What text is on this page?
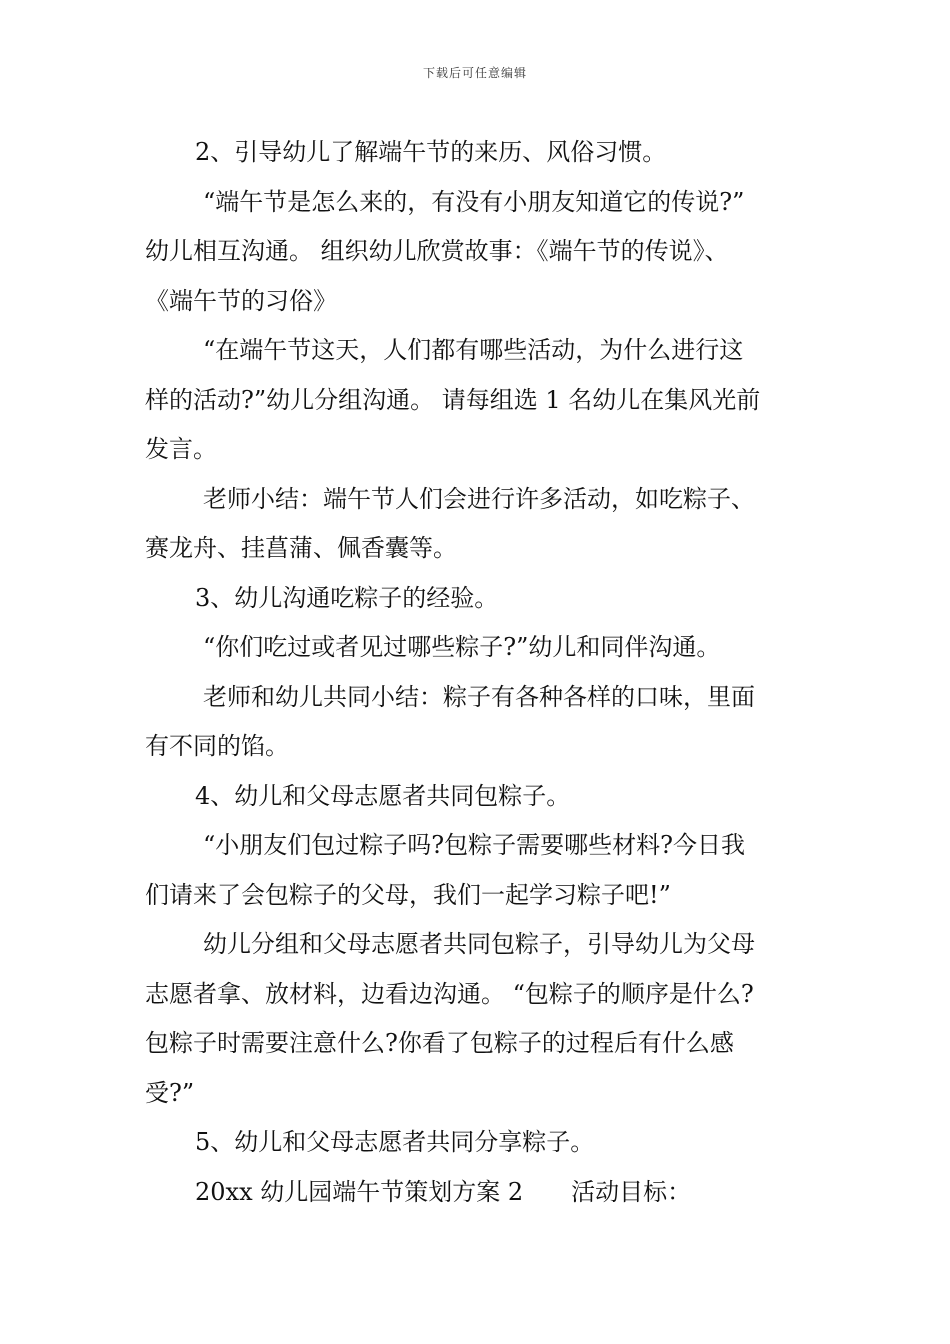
下载后可任意编辑
2、引导幼儿了解端午节的来历、风俗习惯。
“端午节是怎么来的，有没有小朋友知道它的传说?”
幼儿相互沟通。 组织幼儿欣赏故事：《端午节的传说》、
《端午节的习俗》
“在端午节这天，人们都有哪些活动，为什么进行这
样的活动?”幼儿分组沟通。 请每组选 1 名幼儿在集风光前
发言。
老师小结：端午节人们会进行许多活动，如吃粽子、
赛龙舟、挂菖蒲、佩香囊等。
3、幼儿沟通吃粽子的经验。
“你们吃过或者见过哪些粽子?”幼儿和同伴沟通。
老师和幼儿共同小结：粽子有各种各样的口味，里面
有不同的馅。
4、幼儿和父母志愿者共同包粽子。
“小朋友们包过粽子吗?包粽子需要哪些材料?今日我
们请来了会包粽子的父母，我们一起学习粽子吧!”
幼儿分组和父母志愿者共同包粽子，引导幼儿为父母
志愿者拿、放材料，边看边沟通。 “包粽子的顺序是什么?
包粽子时需要注意什么?你看了包粽子的过程后有什么感
受?”
5、幼儿和父母志愿者共同分享粽子。
20xx 幼儿园端午节策划方案 2　　活动目标：
